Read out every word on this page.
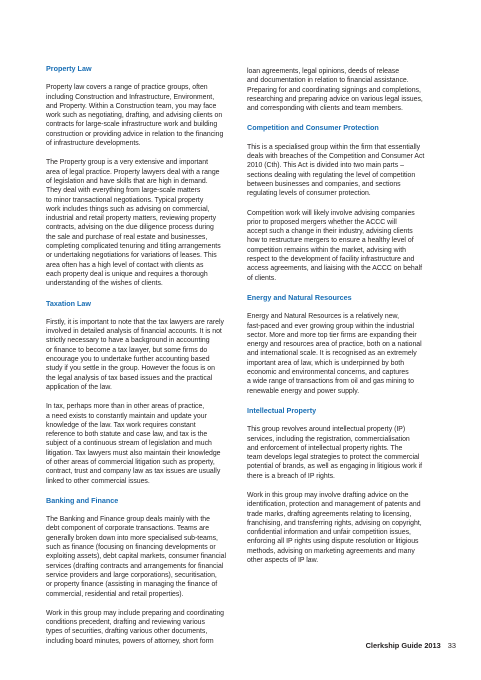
Property Law

Property law covers a range of practice groups, often
including Construction and Infrastructure, Environment,
and Property. Within a Construction team, you may face
work such as negotiating, drafting, and advising clients on
contracts for large-scale infrastructure work and building
construction or providing advice in relation to the financing
of infrastructure developments.

The Property group is a very extensive and important
area of legal practice. Property lawyers deal with a range
of legislation and have skills that are high in demand.
They deal with everything from large-scale matters
to minor transactional negotiations. Typical property
work includes things such as advising on commercial,
industrial and retail property matters, reviewing property
contracts, advising on the due diligence process during
the sale and purchase of real estate and businesses,
completing complicated tenuring and titling arrangements
or undertaking negotiations for variations of leases. This
area often has a high level of contact with clients as
each property deal is unique and requires a thorough
understanding of the wishes of clients.

Taxation Law

Firstly, it is important to note that the tax lawyers are rarely
involved in detailed analysis of financial accounts. It is not
strictly necessary to have a background in accounting
or finance to become a tax lawyer, but some firms do
encourage you to undertake further accounting based
study if you settle in the group. However the focus is on
the legal analysis of tax based issues and the practical
application of the law.

In tax, perhaps more than in other areas of practice,
a need exists to constantly maintain and update your
knowledge of the law. Tax work requires constant
reference to both statute and case law, and tax is the
subject of a continuous stream of legislation and much
litigation. Tax lawyers must also maintain their knowledge
of other areas of commercial litigation such as property,
contract, trust and company law as tax issues are usually
linked to other commercial issues.

Banking and Finance

The Banking and Finance group deals mainly with the
debt component of corporate transactions. Teams are
generally broken down into more specialised sub-teams,
such as finance (focusing on financing developments or
exploiting assets), debt capital markets, consumer financial
services (drafting contracts and arrangements for financial
service providers and large corporations), securitisation,
or property finance (assisting in managing the finance of
commercial, residential and retail properties).

Work in this group may include preparing and coordinating
conditions precedent, drafting and reviewing various
types of securities, drafting various other documents,
including board minutes, powers of attorney, short form

loan agreements, legal opinions, deeds of release
and documentation in relation to financial assistance.
Preparing for and coordinating signings and completions,
researching and preparing advice on various legal issues,
and corresponding with clients and team members.

Competition and Consumer Protection

This is a specialised group within the firm that essentially
deals with breaches of the Competition and Consumer Act
2010 (Cth). This Act is divided into two main parts –
sections dealing with regulating the level of competition
between businesses and companies, and sections
regulating levels of consumer protection.

Competition work will likely involve advising companies
prior to proposed mergers whether the ACCC will
accept such a change in their industry, advising clients
how to restructure mergers to ensure a healthy level of
competition remains within the market, advising with
respect to the development of facility infrastructure and
access agreements, and liaising with the ACCC on behalf
of clients.

Energy and Natural Resources

Energy and Natural Resources is a relatively new,
fast-paced and ever growing group within the industrial
sector. More and more top tier firms are expanding their
energy and resources area of practice, both on a national
and international scale. It is recognised as an extremely
important area of law, which is underpinned by both
economic and environmental concerns, and captures
a wide range of transactions from oil and gas mining to
renewable energy and power supply.

Intellectual Property

This group revolves around intellectual property (IP)
services, including the registration, commercialisation
and enforcement of intellectual property rights. The
team develops legal strategies to protect the commercial
potential of brands, as well as engaging in litigious work if
there is a breach of IP rights.

Work in this group may involve drafting advice on the
identification, protection and management of patents and
trade marks, drafting agreements relating to licensing,
franchising, and transferring rights, advising on copyright,
confidential information and unfair competition issues,
enforcing all IP rights using dispute resolution or litigious
methods, advising on marketing agreements and many
other aspects of IP law.

Clerkship Guide 2013 33
